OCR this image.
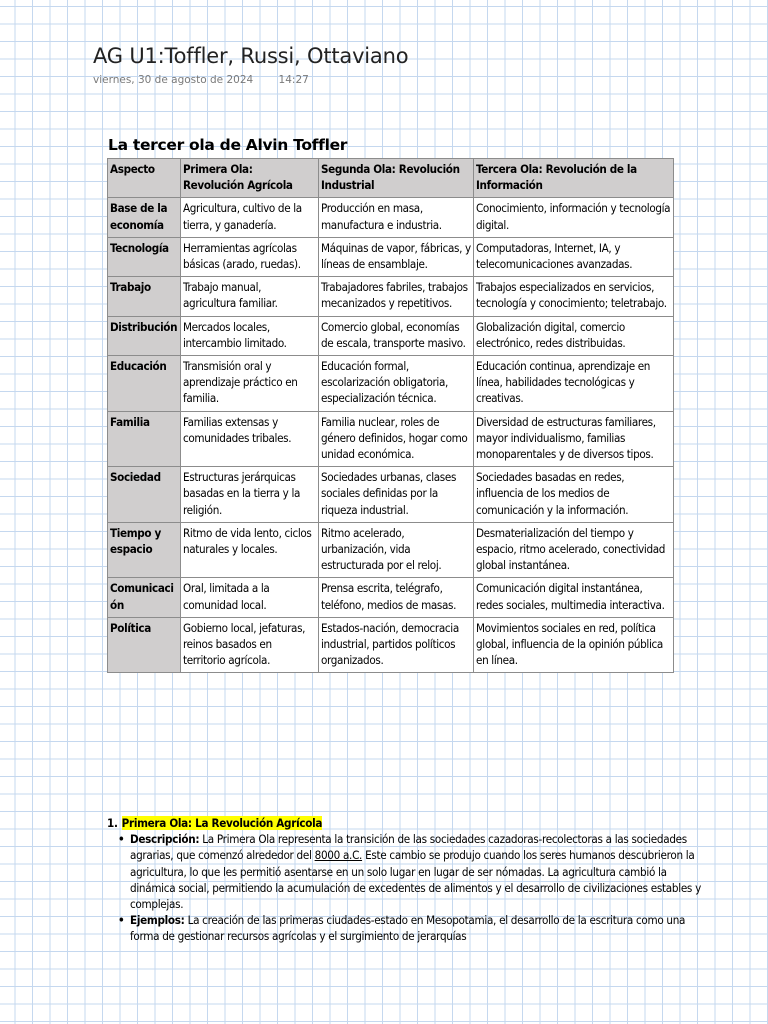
AG U1:Toffler, Russi, Ottaviano
viernes, 30 de agosto de 2024 14:27
La tercer ola de Alvin Toffler
Aspecto	Primera Ola: Revolución Agrícola	Segunda Ola: Revolución Industrial	Tercera Ola: Revolución de la Información
Base de la economía	Agricultura, cultivo de la tierra, y ganadería.	Producción en masa, manufactura e industria.	Conocimiento, información y tecnología digital.
Tecnología	Herramientas agrícolas básicas (arado, ruedas).	Máquinas de vapor, fábricas, y líneas de ensamblaje.	Computadoras, Internet, IA, y telecomunicaciones avanzadas.
Trabajo	Trabajo manual, agricultura familiar.	Trabajadores fabriles, trabajos mecanizados y repetitivos.	Trabajos especializados en servicios, tecnología y conocimiento; teletrabajo.
Distribución	Mercados locales, intercambio limitado.	Comercio global, economías de escala, transporte masivo.	Globalización digital, comercio electrónico, redes distribuidas.
Educación	Transmisión oral y aprendizaje práctico en familia.	Educación formal, escolarización obligatoria, especialización técnica.	Educación continua, aprendizaje en línea, habilidades tecnológicas y creativas.
Familia	Familias extensas y comunidades tribales.	Familia nuclear, roles de género definidos, hogar como unidad económica.	Diversidad de estructuras familiares, mayor individualismo, familias monoparentales y de diversos tipos.
Sociedad	Estructuras jerárquicas basadas en la tierra y la religión.	Sociedades urbanas, clases sociales definidas por la riqueza industrial.	Sociedades basadas en redes, influencia de los medios de comunicación y la información.
Tiempo y espacio	Ritmo de vida lento, ciclos naturales y locales.	Ritmo acelerado, urbanización, vida estructurada por el reloj.	Desmaterialización del tiempo y espacio, ritmo acelerado, conectividad global instantánea.
Comunicación	Oral, limitada a la comunidad local.	Prensa escrita, telégrafo, teléfono, medios de masas.	Comunicación digital instantánea, redes sociales, multimedia interactiva.
Política	Gobierno local, jefaturas, reinos basados en territorio agrícola.	Estados-nación, democracia industrial, partidos políticos organizados.	Movimientos sociales en red, política global, influencia de la opinión pública en línea.
1. Primera Ola: La Revolución Agrícola
• Descripción: La Primera Ola representa la transición de las sociedades cazadoras-recolectoras a las sociedades agrarias, que comenzó alrededor del 8000 a.C. Este cambio se produjo cuando los seres humanos descubrieron la agricultura, lo que les permitió asentarse en un solo lugar en lugar de ser nómadas. La agricultura cambió la dinámica social, permitiendo la acumulación de excedentes de alimentos y el desarrollo de civilizaciones estables y complejas.
• Ejemplos: La creación de las primeras ciudades-estado en Mesopotamia, el desarrollo de la escritura como una forma de gestionar recursos agrícolas y el surgimiento de jerarquías
